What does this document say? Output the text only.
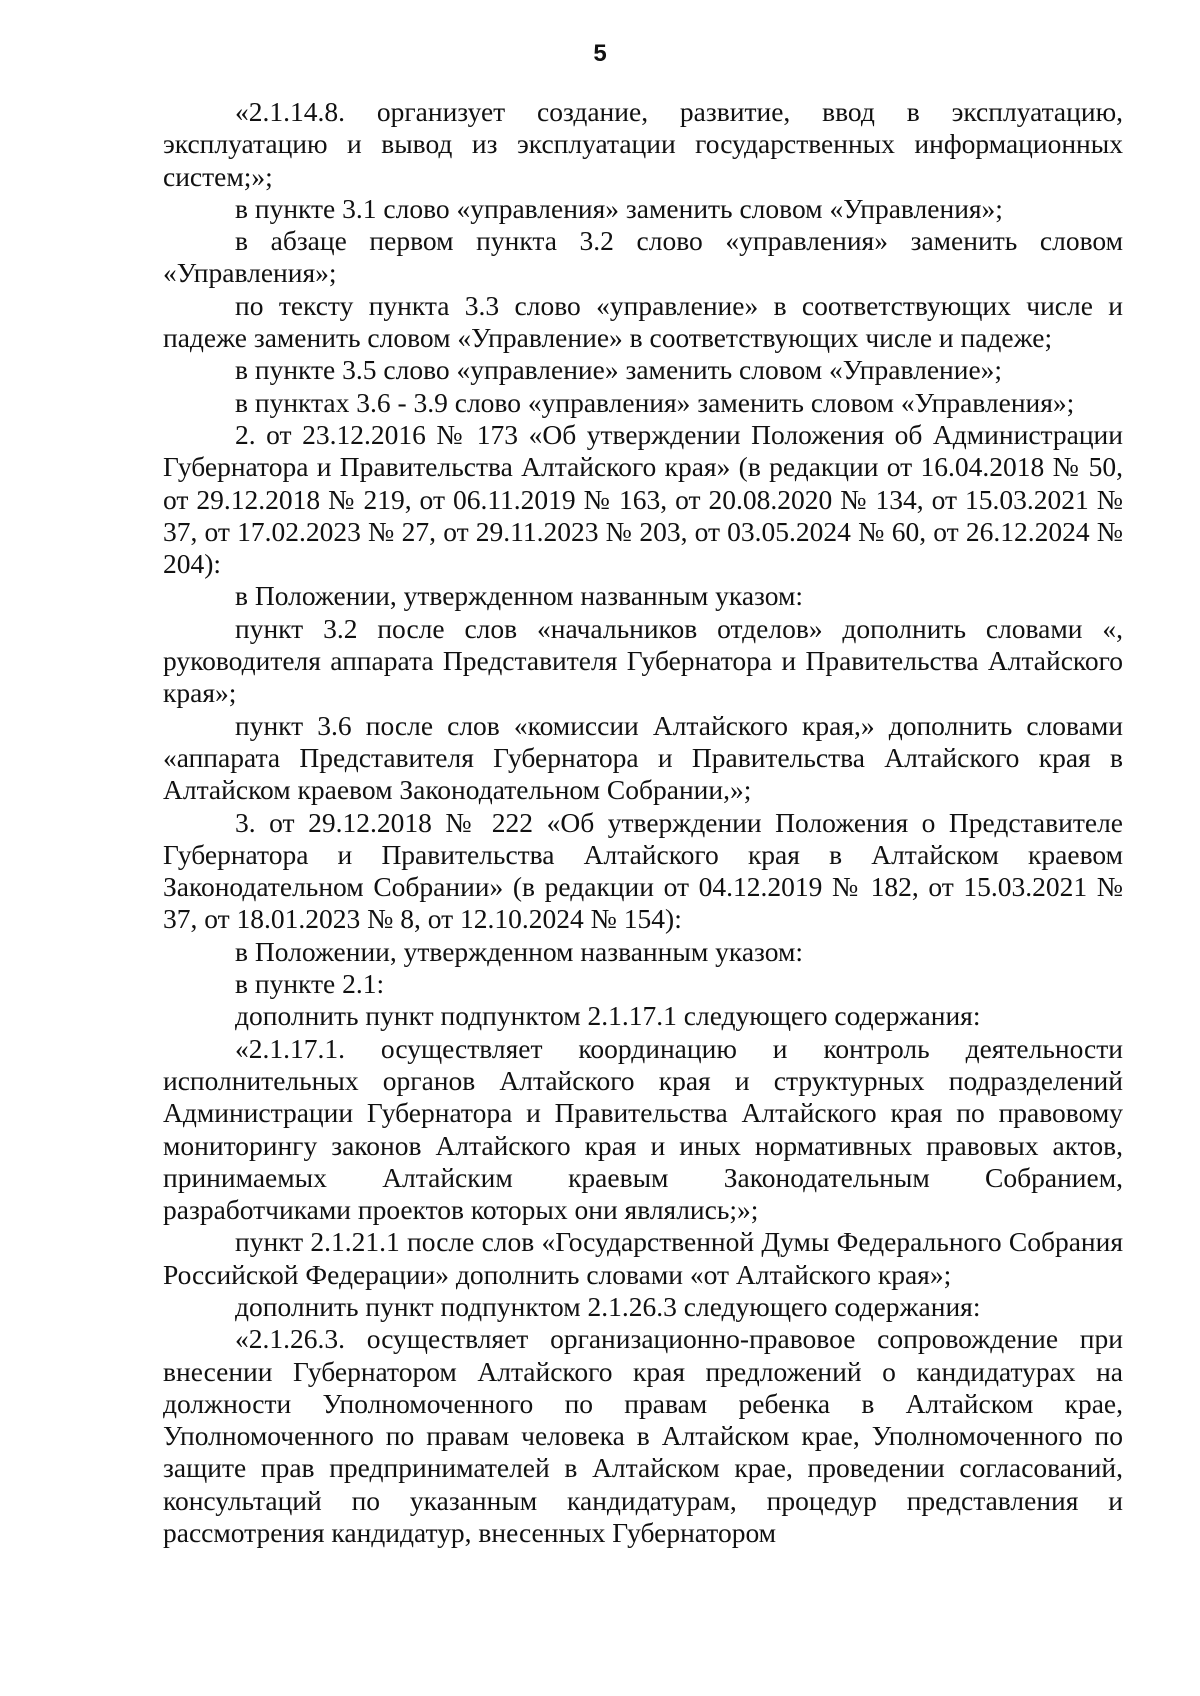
5

«2.1.14.8. организует создание, развитие, ввод в эксплуатацию, эксплуатацию и вывод из эксплуатации государственных информационных систем;»;

в пункте 3.1 слово «управления» заменить словом «Управления»;

в абзаце первом пункта 3.2 слово «управления» заменить словом «Управления»;

по тексту пункта 3.3 слово «управление» в соответствующих числе и падеже заменить словом «Управление» в соответствующих числе и падеже;

в пункте 3.5 слово «управление» заменить словом «Управление»;

в пунктах 3.6 - 3.9 слово «управления» заменить словом «Управления»;

2. от 23.12.2016 № 173 «Об утверждении Положения об Администрации Губернатора и Правительства Алтайского края» (в редакции от 16.04.2018 № 50, от 29.12.2018 № 219, от 06.11.2019 № 163, от 20.08.2020 № 134, от 15.03.2021 № 37, от 17.02.2023 № 27, от 29.11.2023 № 203, от 03.05.2024 № 60, от 26.12.2024 № 204):

в Положении, утвержденном названным указом:

пункт 3.2 после слов «начальников отделов» дополнить словами «, руководителя аппарата Представителя Губернатора и Правительства Алтайского края»;

пункт 3.6 после слов «комиссии Алтайского края,» дополнить словами «аппарата Представителя Губернатора и Правительства Алтайского края в Алтайском краевом Законодательном Собрании,»;

3. от 29.12.2018 № 222 «Об утверждении Положения о Представителе Губернатора и Правительства Алтайского края в Алтайском краевом Законодательном Собрании» (в редакции от 04.12.2019 № 182, от 15.03.2021 № 37, от 18.01.2023 № 8, от 12.10.2024 № 154):

в Положении, утвержденном названным указом:

в пункте 2.1:

дополнить пункт подпунктом 2.1.17.1 следующего содержания:

«2.1.17.1. осуществляет координацию и контроль деятельности исполнительных органов Алтайского края и структурных подразделений Администрации Губернатора и Правительства Алтайского края по правовому мониторингу законов Алтайского края и иных нормативных правовых актов, принимаемых Алтайским краевым Законодательным Собранием, разработчиками проектов которых они являлись;»;

пункт 2.1.21.1 после слов «Государственной Думы Федерального Собрания Российской Федерации» дополнить словами «от Алтайского края»;

дополнить пункт подпунктом 2.1.26.3 следующего содержания:

«2.1.26.3. осуществляет организационно-правовое сопровождение при внесении Губернатором Алтайского края предложений о кандидатурах на должности Уполномоченного по правам ребенка в Алтайском крае, Уполномоченного по правам человека в Алтайском крае, Уполномоченного по защите прав предпринимателей в Алтайском крае, проведении согласований, консультаций по указанным кандидатурам, процедур представления и рассмотрения кандидатур, внесенных Губернатором
